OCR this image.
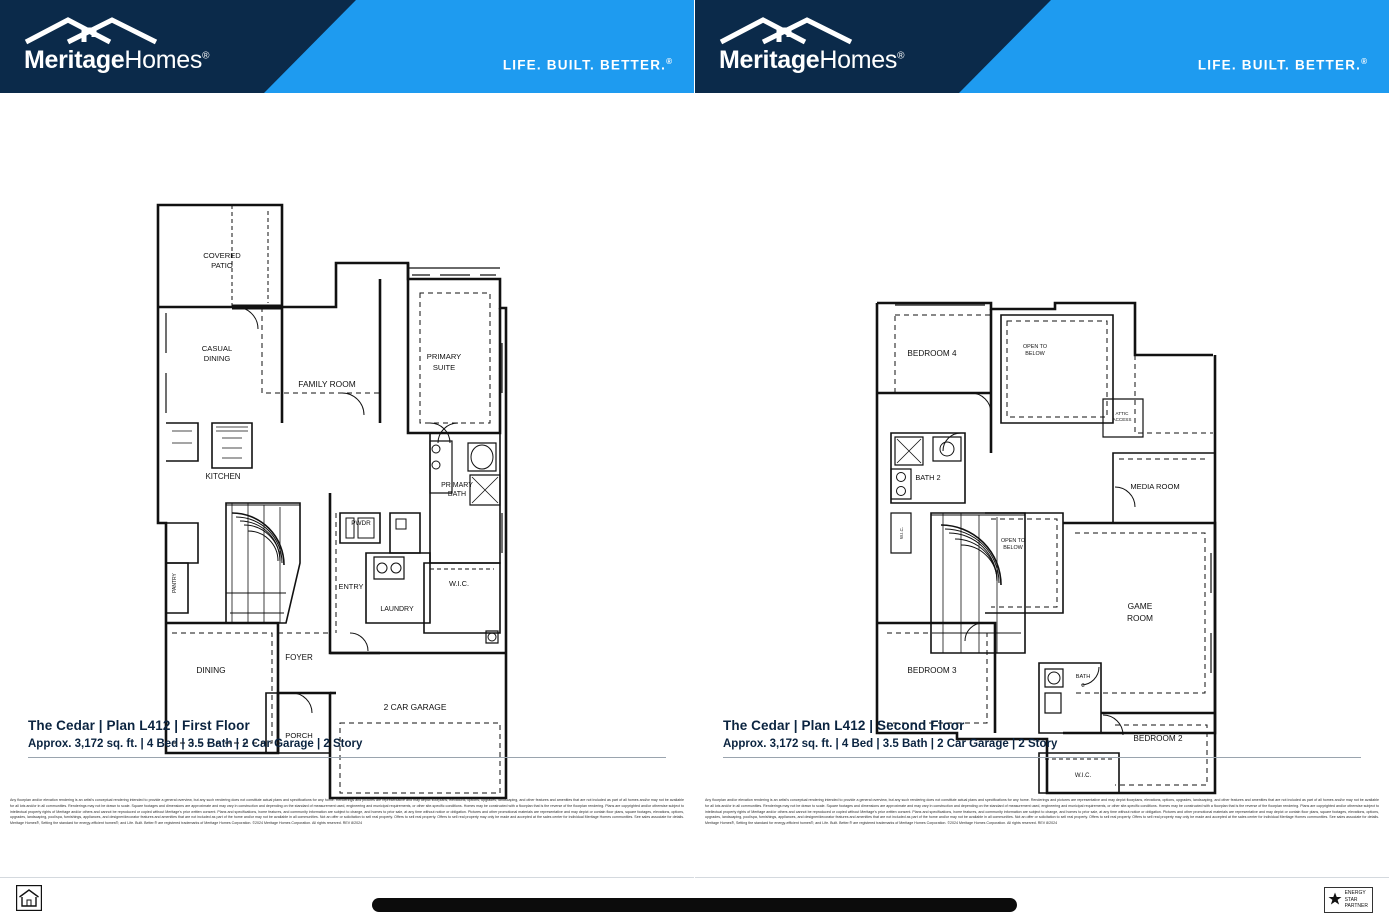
MeritageHomes®
LIFE. BUILT. BETTER.®
COVERED
PATIO
CASUAL
DINING
FAMILY ROOM
PRIMARY
SUITE
KITCHEN
PRIMARY
BATH
PWDR
W.I.C.
ENTRY
LAUNDRY
DINING
FOYER
2 CAR GARAGE
PORCH
PANTRY
The Cedar | Plan L412 | First Floor
Approx. 3,172 sq. ft. | 4 Bed | 3.5 Bath | 2 Car Garage | 2 Story
Any floorplan and/or elevation rendering is an artist's conceptual rendering intended to provide a general overview, but any such rendering does not constitute actual plans and specifications for any home. Renderings and pictures are representative and may depict floorplans, elevations, options, upgrades, landscaping, and other features and amenities that are not included as part of all homes and/or may not be available for all lots and/or in all communities. Renderings may not be drawn to scale. Square footages and dimensions are approximate and may vary in construction and depending on the standard of measurement used, engineering and municipal requirements, or other site-specific conditions. Homes may be constructed with a floorplan that is the reverse of the floorplan rendering. Plans are copyrighted and/or otherwise subject to intellectual property rights of Meritage and/or others and cannot be reproduced or copied without Meritage's prior written consent. Plans and specifications, home features, and community information are subject to change, and homes to prior sale, at any time without notice or obligation. Pictures and other promotional materials are representative and may depict or contain floor plans, square footages, elevations, options, upgrades, landscaping, pool/spa, furnishings, appliances, and designer/decorator features and amenities that are not included as part of the home and/or may not be available in all communities. Not an offer or solicitation to sell real property. Offers to sell real property. Offers to sell real property may only be made and accepted at the sales center for individual Meritage Homes communities. See sales associate for details. Meritage Homes®, Setting the standard for energy-efficient homes®, and Life. Built. Better.® are registered trademarks of Meritage Homes Corporation. ©2024 Meritage Homes Corporation. All rights reserved. REV 8/2024
MeritageHomes®
LIFE. BUILT. BETTER.®
BEDROOM 4
OPEN TO
BELOW
ATTIC
ACCESS
BATH 2
MEDIA ROOM
OPEN TO
BELOW
GAME
ROOM
BEDROOM 3
BATH
3
BEDROOM 2
W.I.C.
W.I.C.
The Cedar | Plan L412 | Second Floor
Approx. 3,172 sq. ft. | 4 Bed | 3.5 Bath | 2 Car Garage | 2 Story
Any floorplan and/or elevation rendering is an artist's conceptual rendering intended to provide a general overview, but any such rendering does not constitute actual plans and specifications for any home. Renderings and pictures are representative and may depict floorplans, elevations, options, upgrades, landscaping, and other features and amenities that are not included as part of all homes and/or may not be available for all lots and/or in all communities. Renderings may not be drawn to scale. Square footages and dimensions are approximate and may vary in construction and depending on the standard of measurement used, engineering and municipal requirements, or other site-specific conditions. Homes may be constructed with a floorplan that is the reverse of the floorplan rendering. Plans are copyrighted and/or otherwise subject to intellectual property rights of Meritage and/or others and cannot be reproduced or copied without Meritage's prior written consent. Plans and specifications, home features, and community information are subject to change, and homes to prior sale, at any time without notice or obligation. Pictures and other promotional materials are representative and may depict or contain floor plans, square footages, elevations, options, upgrades, landscaping, pool/spa, furnishings, appliances, and designer/decorator features and amenities that are not included as part of the home and/or may not be available in all communities. Not an offer or solicitation to sell real property. Offers to sell real property. Offers to sell real property may only be made and accepted at the sales center for individual Meritage Homes communities. See sales associate for details. Meritage Homes®, Setting the standard for energy-efficient homes®, and Life. Built. Better.® are registered trademarks of Meritage Homes Corporation. ©2024 Meritage Homes Corporation. All rights reserved. REV 8/2024
ENERGY
STAR
PARTNER
